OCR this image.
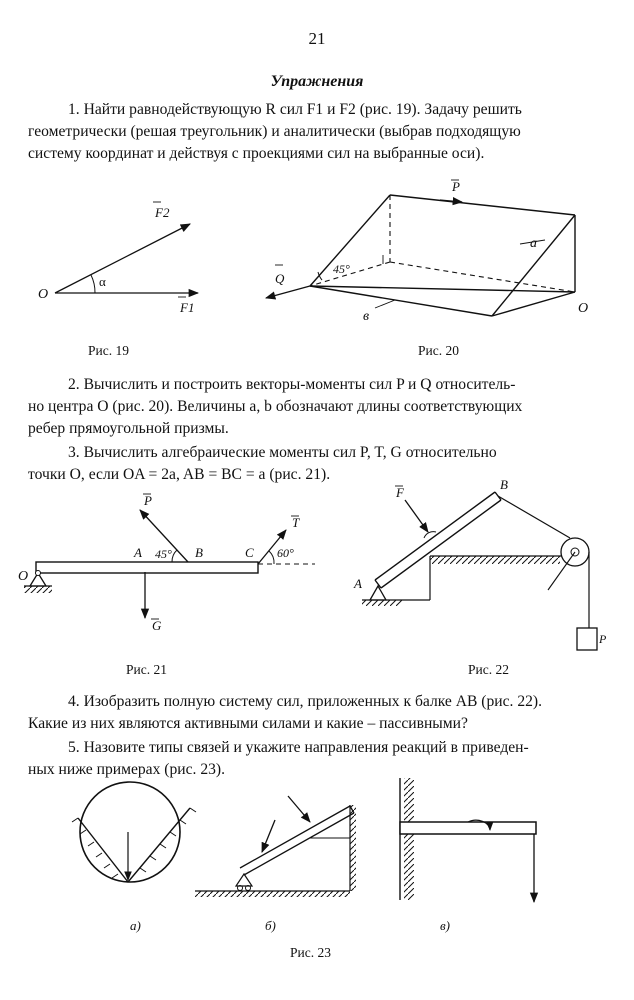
21
Упражнения
1. Найти равнодействующую R сил F1 и F2 (рис. 19). Задачу решить
геометрически (решая треугольник) и аналитически (выбрав подходящую
систему координат и действуя с проекциями сил на выбранные оси).
Рис. 19	Рис. 20
2. Вычислить и построить векторы-моменты сил P и Q относитель-
но центра O (рис. 20). Величины a, b обозначают длины соответствующих
ребер прямоугольной призмы.
3. Вычислить алгебраические моменты сил P, T, G относительно
точки O, если OA = 2a, AB = BC = a (рис. 21).
Рис. 21	Рис. 22
4. Изобразить полную систему сил, приложенных к балке AB (рис. 22).
Какие из них являются активными силами и какие – пассивными?
5. Назовите типы связей и укажите направления реакций в приведен-
ных ниже примерах (рис. 23).
Рис. 23
O
α
F1
F2
P
Q
45°
a
в
O
O
A 45° B	C 60°
P
T
G
F
A
B
P
а)	б)	в)
